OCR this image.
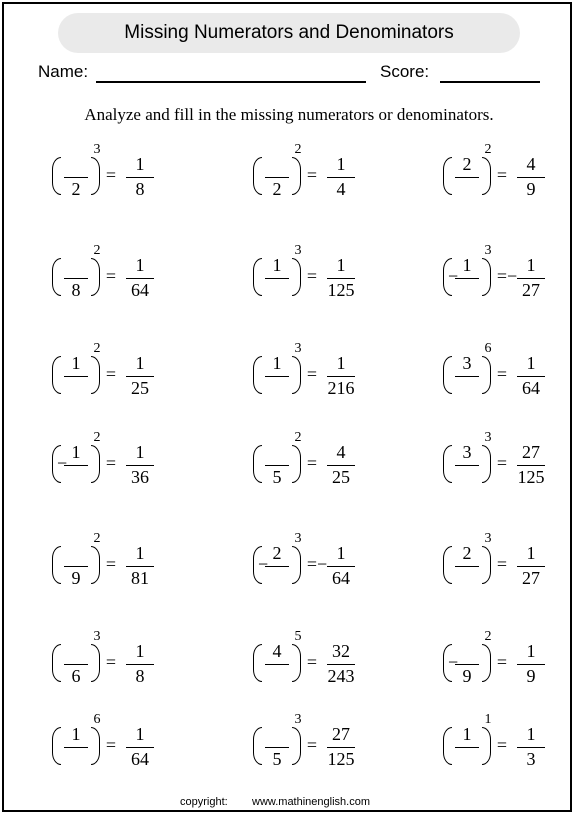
Missing Numerators and Denominators
Name:	Score:
Analyze and fill in the missing numerators or denominators.
=
2
3
1
8
=
2
2
1
4
=
2
2
4
9
=
8
2
1
64
=
1
3
1
125
=
−
1
3
−
1
27
=
1
2
1
25
=
1
3
1
216
=
3
6
1
64
=
−
1
2
1
36
=
5
2
4
25
=
3
3
27
125
=
9
2
1
81
=
−
2
3
−
1
64
=
2
3
1
27
=
6
3
1
8
=
4
5
32
243
=
−
9
2
1
9
=
1
6
1
64
=
5
3
27
125
=
1
1
1
3
copyright: www.mathinenglish.com
